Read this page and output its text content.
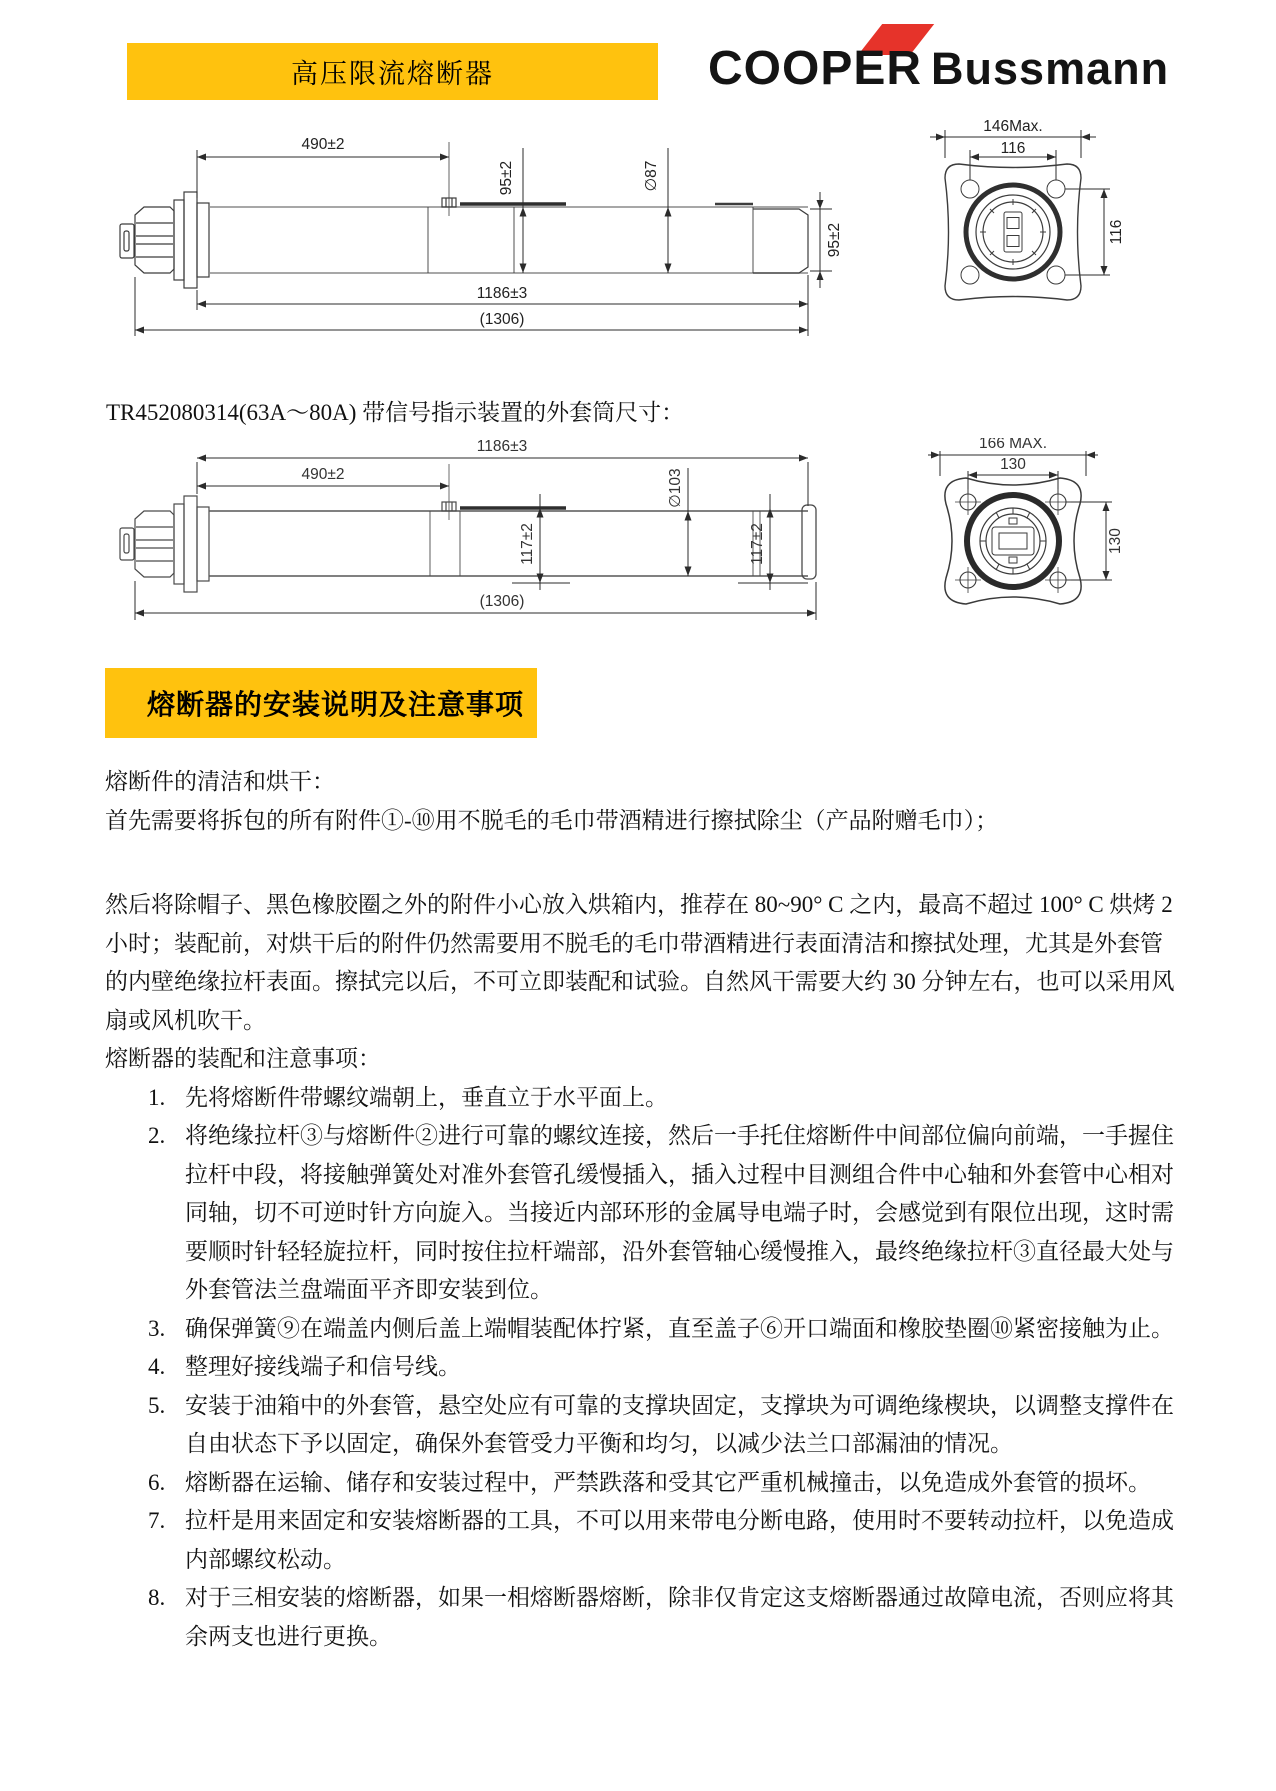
高压限流熔断器	COOPER Bussmann
490±2
95±2	∅87
95±2
1186±3
(1306)
146Max.
116
116
TR452080314(63A～80A) 带信号指示装置的外套筒尺寸：
1186±3
490±2	∅103
117±2	117±2
(1306)
166 MAX.
130
130
熔断器的安装说明及注意事项

熔断件的清洁和烘干：

首先需要将拆包的所有附件①-⑩用不脱毛的毛巾带酒精进行擦拭除尘（产品附赠毛巾）；

然后将除帽子、黑色橡胶圈之外的附件小心放入烘箱内，推荐在 80~90° C 之内，最高不超过 100° C 烘烤 2 小时；装配前，对烘干后的附件仍然需要用不脱毛的毛巾带酒精进行表面清洁和擦拭处理，尤其是外套管的内壁绝缘拉杆表面。擦拭完以后，不可立即装配和试验。自然风干需要大约 30 分钟左右，也可以采用风扇或风机吹干。

熔断器的装配和注意事项：

1. 先将熔断件带螺纹端朝上，垂直立于水平面上。
2. 将绝缘拉杆③与熔断件②进行可靠的螺纹连接，然后一手托住熔断件中间部位偏向前端，一手握住拉杆中段，将接触弹簧处对准外套管孔缓慢插入，插入过程中目测组合件中心轴和外套管中心相对同轴，切不可逆时针方向旋入。当接近内部环形的金属导电端子时，会感觉到有限位出现，这时需要顺时针轻轻旋拉杆，同时按住拉杆端部，沿外套管轴心缓慢推入，最终绝缘拉杆③直径最大处与外套管法兰盘端面平齐即安装到位。
3. 确保弹簧⑨在端盖内侧后盖上端帽装配体拧紧，直至盖子⑥开口端面和橡胶垫圈⑩紧密接触为止。
4. 整理好接线端子和信号线。
5. 安装于油箱中的外套管，悬空处应有可靠的支撑块固定，支撑块为可调绝缘楔块，以调整支撑件在自由状态下予以固定，确保外套管受力平衡和均匀，以减少法兰口部漏油的情况。
6. 熔断器在运输、储存和安装过程中，严禁跌落和受其它严重机械撞击，以免造成外套管的损坏。
7. 拉杆是用来固定和安装熔断器的工具，不可以用来带电分断电路，使用时不要转动拉杆，以免造成内部螺纹松动。
8. 对于三相安装的熔断器，如果一相熔断器熔断，除非仅肯定这支熔断器通过故障电流，否则应将其余两支也进行更换。
